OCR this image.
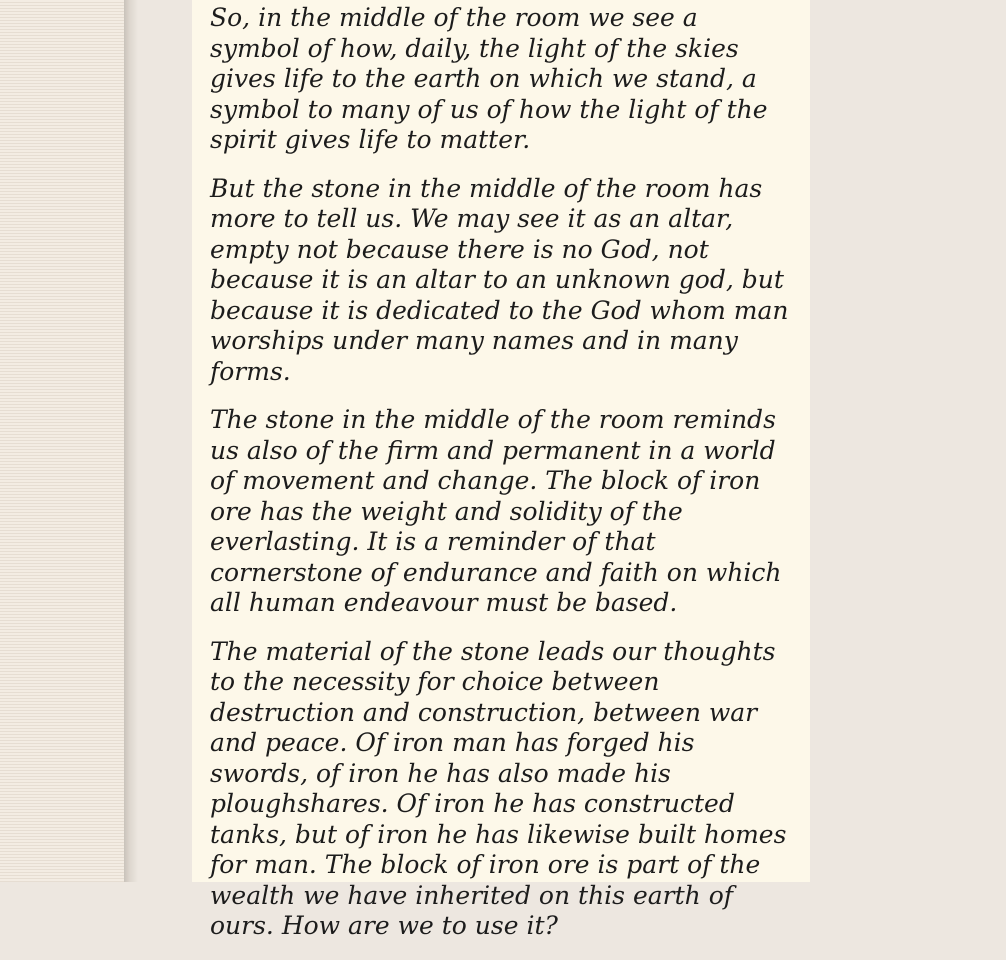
So, in the middle of the room we see a symbol of how, daily, the light of the skies gives life to the earth on which we stand, a symbol to many of us of how the light of the spirit gives life to matter.

But the stone in the middle of the room has more to tell us. We may see it as an altar, empty not because there is no God, not because it is an altar to an unknown god, but because it is dedicated to the God whom man worships under many names and in many forms.

The stone in the middle of the room reminds us also of the firm and permanent in a world of movement and change. The block of iron ore has the weight and solidity of the everlasting. It is a reminder of that cornerstone of endurance and faith on which all human endeavour must be based.

The material of the stone leads our thoughts to the necessity for choice between destruction and construction, between war and peace. Of iron man has forged his swords, of iron he has also made his ploughshares. Of iron he has constructed tanks, but of iron he has likewise built homes for man. The block of iron ore is part of the wealth we have inherited on this earth of ours. How are we to use it?
